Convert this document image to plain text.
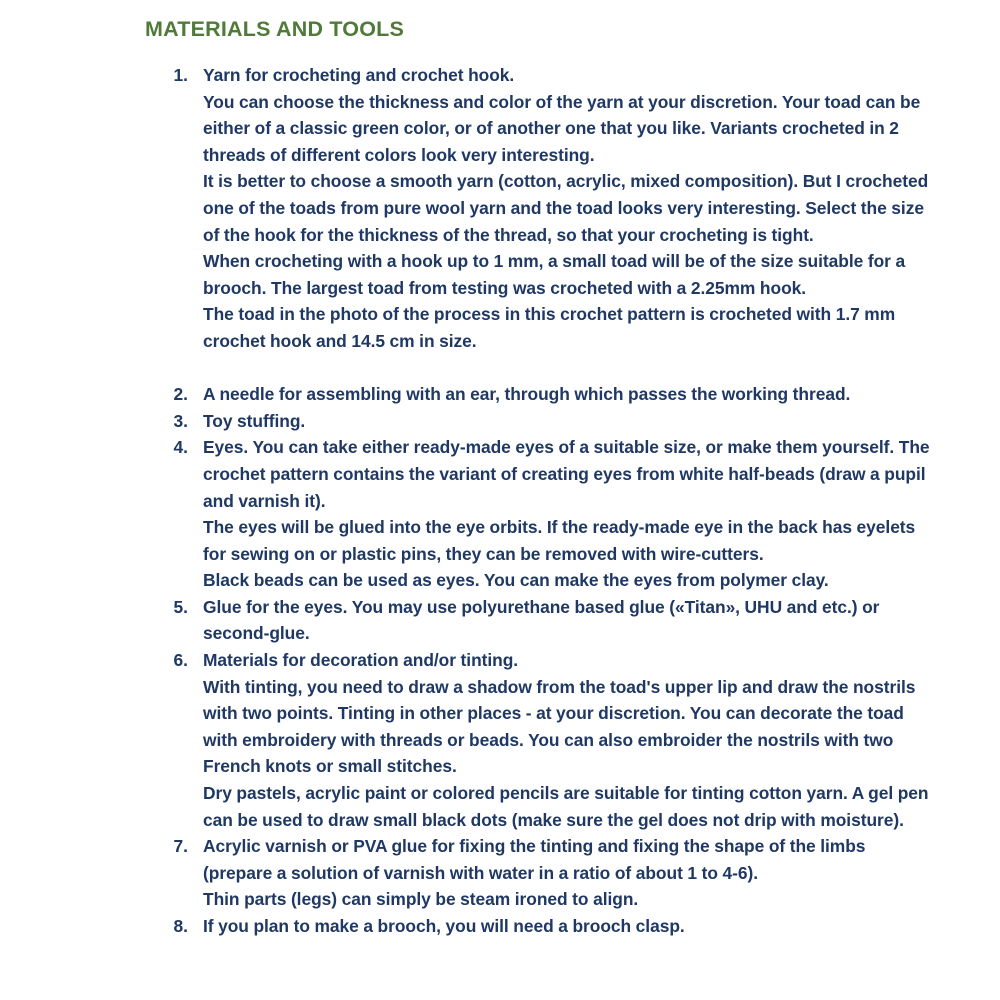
MATERIALS AND TOOLS
1. Yarn for crocheting and crochet hook.

You can choose the thickness and color of the yarn at your discretion. Your toad can be either of a classic green color, or of another one that you like. Variants crocheted in 2 threads of different colors look very interesting.

It is better to choose a smooth yarn (cotton, acrylic, mixed composition). But I crocheted one of the toads from pure wool yarn and the toad looks very interesting. Select the size of the hook for the thickness of the thread, so that your crocheting is tight.

When crocheting with a hook up to 1 mm, a small toad will be of the size suitable for a brooch. The largest toad from testing was crocheted with a 2.25mm hook.

The toad in the photo of the process in this crochet pattern is crocheted with 1.7 mm crochet hook and 14.5 cm in size.

2. A needle for assembling with an ear, through which passes the working thread.

3. Toy stuffing.

4. Eyes. You can take either ready-made eyes of a suitable size, or make them yourself. The crochet pattern contains the variant of creating eyes from white half-beads (draw a pupil and varnish it).

The eyes will be glued into the eye orbits. If the ready-made eye in the back has eyelets for sewing on or plastic pins, they can be removed with wire-cutters.

Black beads can be used as eyes. You can make the eyes from polymer clay.

5. Glue for the eyes. You may use polyurethane based glue («Titan», UHU and etc.) or second-glue.

6. Materials for decoration and/or tinting.

With tinting, you need to draw a shadow from the toad's upper lip and draw the nostrils with two points. Tinting in other places - at your discretion. You can decorate the toad with embroidery with threads or beads. You can also embroider the nostrils with two French knots or small stitches.

Dry pastels, acrylic paint or colored pencils are suitable for tinting cotton yarn. A gel pen can be used to draw small black dots (make sure the gel does not drip with moisture).

7. Acrylic varnish or PVA glue for fixing the tinting and fixing the shape of the limbs (prepare a solution of varnish with water in a ratio of about 1 to 4-6).

Thin parts (legs) can simply be steam ironed to align.

8. If you plan to make a brooch, you will need a brooch clasp.
